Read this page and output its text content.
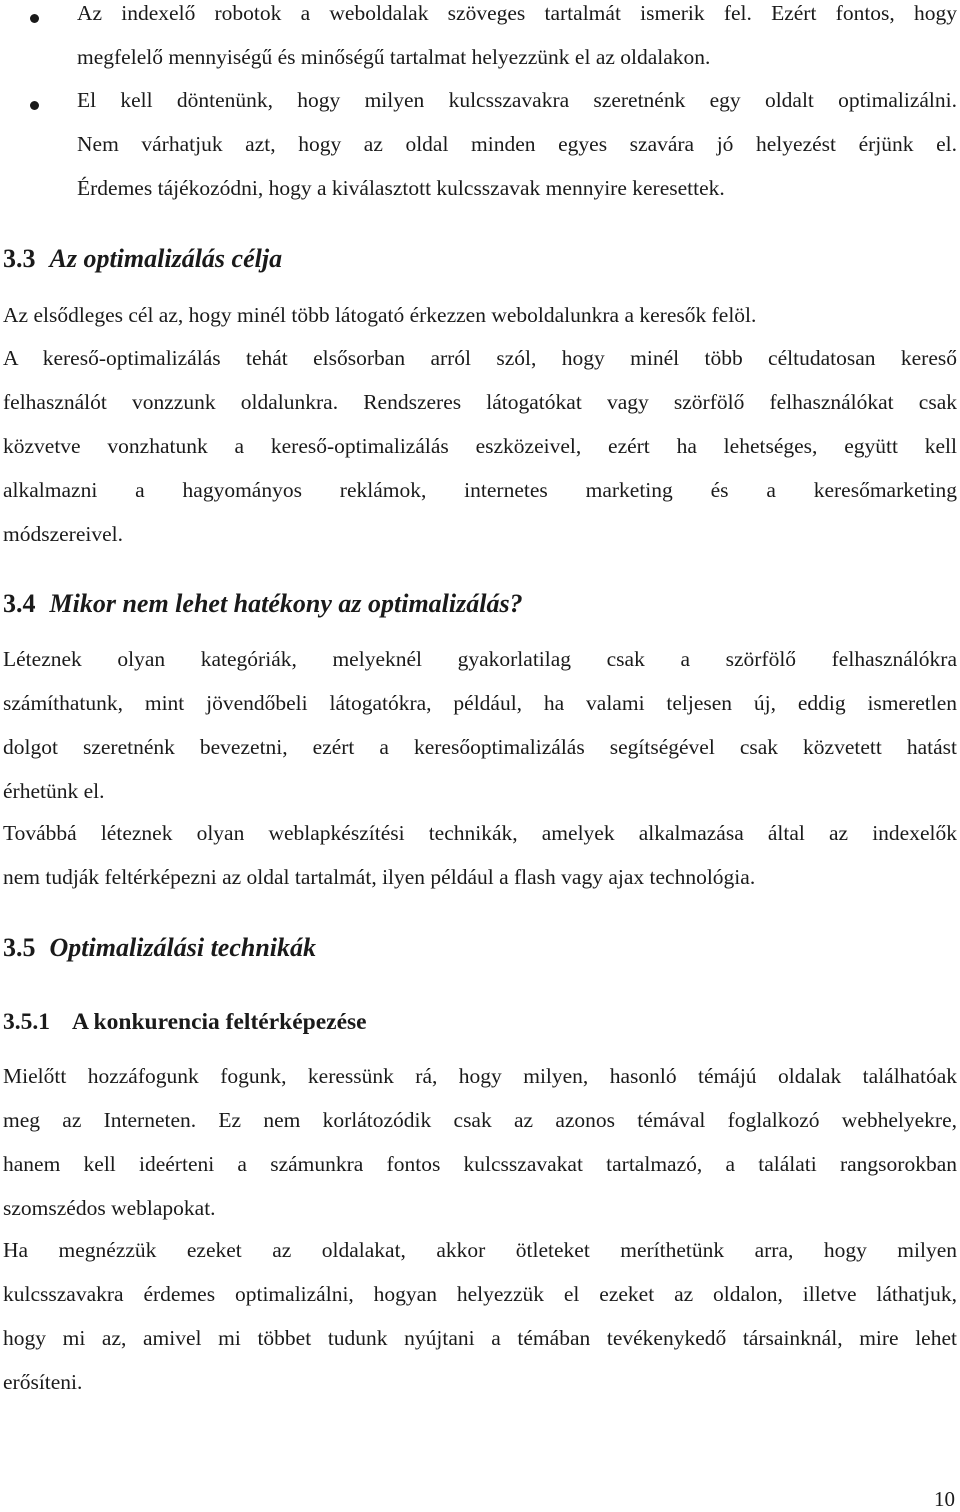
Az indexelő robotok a weboldalak szöveges tartalmát ismerik fel. Ezért fontos, hogy
megfelelő mennyiségű és minőségű tartalmat helyezzünk el az oldalakon.
El kell döntenünk, hogy milyen kulcsszavakra szeretnénk egy oldalt optimalizálni.
Nem várhatjuk azt, hogy az oldal minden egyes szavára jó helyezést érjünk el.
Érdemes tájékozódni, hogy a kiválasztott kulcsszavak mennyire keresettek.
3.3 Az optimalizálás célja
Az elsődleges cél az, hogy minél több látogató érkezzen weboldalunkra a keresők felöl.
A kereső-optimalizálás tehát elsősorban arról szól, hogy minél több céltudatosan kereső
felhasználót vonzzunk oldalunkra. Rendszeres látogatókat vagy szörfölő felhasználókat csak
közvetve vonzhatunk a kereső-optimalizálás eszközeivel, ezért ha lehetséges, együtt kell
alkalmazni a hagyományos reklámok, internetes marketing és a keresőmarketing
módszereivel.
3.4 Mikor nem lehet hatékony az optimalizálás?
Léteznek olyan kategóriák, melyeknél gyakorlatilag csak a szörfölő felhasználókra
számíthatunk, mint jövendőbeli látogatókra, például, ha valami teljesen új, eddig ismeretlen
dolgot szeretnénk bevezetni, ezért a keresőoptimalizálás segítségével csak közvetett hatást
érhetünk el.
Továbbá léteznek olyan weblapkészítési technikák, amelyek alkalmazása által az indexelők
nem tudják feltérképezni az oldal tartalmát, ilyen például a flash vagy ajax technológia.
3.5 Optimalizálási technikák
3.5.1 A konkurencia feltérképezése
Mielőtt hozzáfogunk fogunk, keressünk rá, hogy milyen, hasonló témájú oldalak találhatóak
meg az Interneten. Ez nem korlátozódik csak az azonos témával foglalkozó webhelyekre,
hanem kell ideérteni a számunkra fontos kulcsszavakat tartalmazó, a találati rangsorokban
szomszédos weblapokat.
Ha megnézzük ezeket az oldalakat, akkor ötleteket meríthetünk arra, hogy milyen
kulcsszavakra érdemes optimalizálni, hogyan helyezzük el ezeket az oldalon, illetve láthatjuk,
hogy mi az, amivel mi többet tudunk nyújtani a témában tevékenykedő társainknál, mire lehet
erősíteni.
10
